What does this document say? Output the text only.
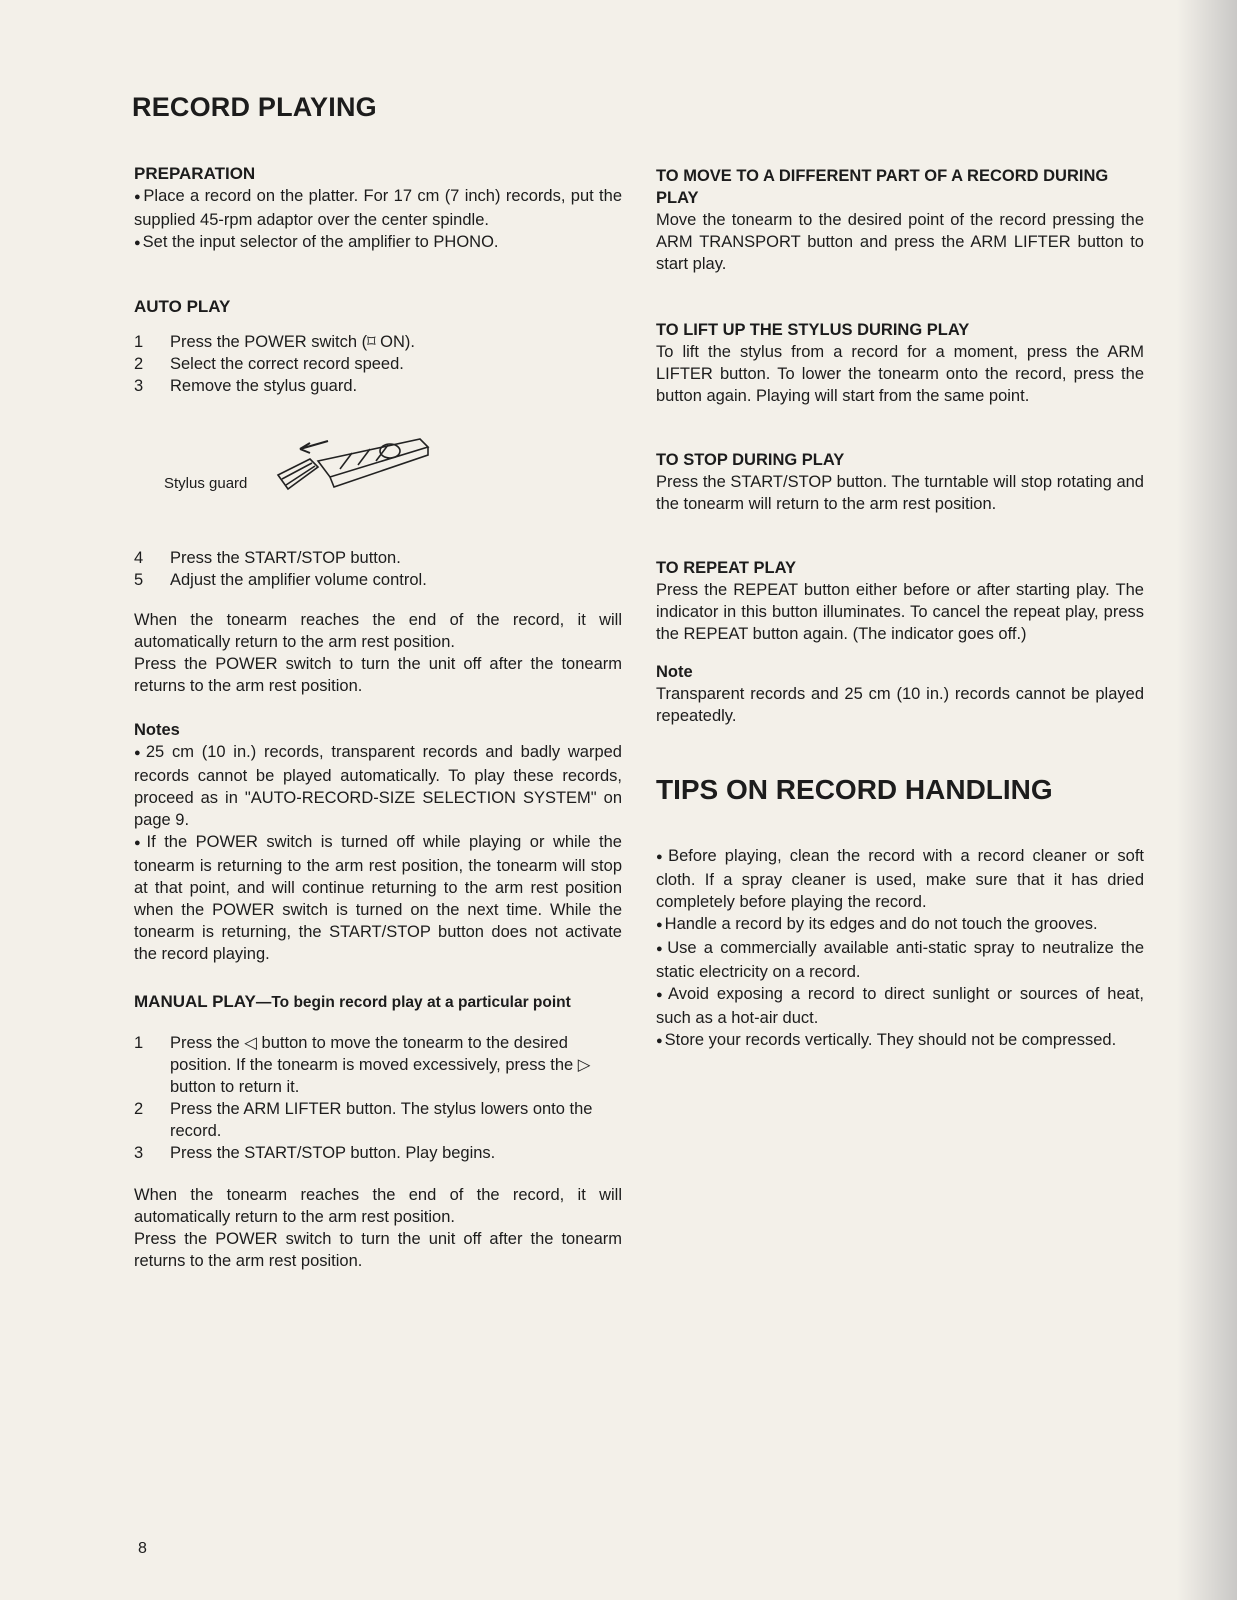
RECORD PLAYING
PREPARATION

● Place a record on the platter. For 17 cm (7 inch) records, put the supplied 45-rpm adaptor over the center spindle.

● Set the input selector of the amplifier to PHONO.

AUTO PLAY
1	Press the POWER switch (⌑ ON).
2	Select the correct record speed.
3	Remove the stylus guard.
Stylus guard
4	Press the START/STOP button.
5	Adjust the amplifier volume control.

When the tonearm reaches the end of the record, it will automatically return to the arm rest position.

Press the POWER switch to turn the unit off after the tonearm returns to the arm rest position.

Notes

● 25 cm (10 in.) records, transparent records and badly warped records cannot be played automatically. To play these records, proceed as in "AUTO-RECORD-SIZE SELECTION SYSTEM" on page 9.

● If the POWER switch is turned off while playing or while the tonearm is returning to the arm rest position, the tonearm will stop at that point, and will continue returning to the arm rest position when the POWER switch is turned on the next time. While the tonearm is returning, the START/STOP button does not activate the record playing.

MANUAL PLAY—To begin record play at a particular point
1	Press the ◁ button to move the tonearm to the desired position. If the tonearm is moved excessively, press the ▷ button to return it.
2	Press the ARM LIFTER button. The stylus lowers onto the record.
3	Press the START/STOP button. Play begins.

When the tonearm reaches the end of the record, it will automatically return to the arm rest position.

Press the POWER switch to turn the unit off after the tonearm returns to the arm rest position.

TO MOVE TO A DIFFERENT PART OF A RECORD DURING PLAY

Move the tonearm to the desired point of the record pressing the ARM TRANSPORT button and press the ARM LIFTER button to start play.

TO LIFT UP THE STYLUS DURING PLAY

To lift the stylus from a record for a moment, press the ARM LIFTER button. To lower the tonearm onto the record, press the button again. Playing will start from the same point.

TO STOP DURING PLAY

Press the START/STOP button. The turntable will stop rotating and the tonearm will return to the arm rest position.

TO REPEAT PLAY

Press the REPEAT button either before or after starting play. The indicator in this button illuminates. To cancel the repeat play, press the REPEAT button again. (The indicator goes off.)

Note

Transparent records and 25 cm (10 in.) records cannot be played repeatedly.

TIPS ON RECORD HANDLING

● Before playing, clean the record with a record cleaner or soft cloth. If a spray cleaner is used, make sure that it has dried completely before playing the record.

● Handle a record by its edges and do not touch the grooves.

● Use a commercially available anti-static spray to neutralize the static electricity on a record.

● Avoid exposing a record to direct sunlight or sources of heat, such as a hot-air duct.

● Store your records vertically. They should not be compressed.

8
